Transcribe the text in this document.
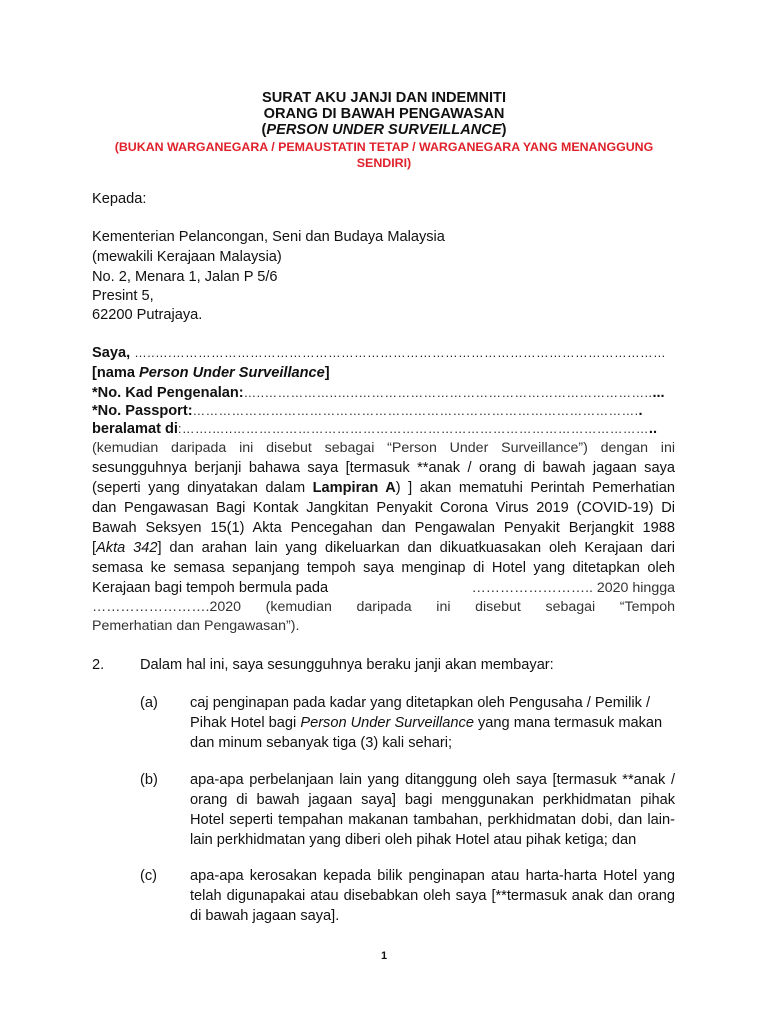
SURAT AKU JANJI DAN INDEMNITI
ORANG DI BAWAH PENGAWASAN
(PERSON UNDER SURVEILLANCE)
(BUKAN WARGANEGARA / PEMAUSTATIN TETAP / WARGANEGARA YANG MENANGGUNG
SENDIRI)
Kepada:
Kementerian Pelancongan, Seni dan Budaya Malaysia
(mewakili Kerajaan Malaysia)
No. 2, Menara 1, Jalan P 5/6
Presint 5,
62200 Putrajaya.
Saya, …..….……………………………………………………………………………………………………
[nama Person Under Surveillance]
*No. Kad Pengenalan:…..……………..…..………………………………………………………….....
*No. Passport:…………………………………………………………………………………………..
beralamat di:…….…..……………………………………………………………………………………..
(kemudian daripada ini disebut sebagai “Person Under Surveillance”) dengan ini
sesungguhnya berjanji bahawa saya [termasuk **anak / orang di bawah jagaan saya
(seperti yang dinyatakan dalam Lampiran A) ] akan mematuhi Perintah Pemerhatian
dan Pengawasan Bagi Kontak Jangkitan Penyakit Corona Virus 2019 (COVID-19) Di
Bawah Seksyen 15(1) Akta Pencegahan dan Pengawalan Penyakit Berjangkit 1988
[Akta 342] dan arahan lain yang dikeluarkan dan dikuatkuasakan oleh Kerajaan dari
semasa ke semasa sepanjang tempoh saya menginap di Hotel yang ditetapkan oleh
Kerajaan bagi tempoh bermula pada	…………………….. 2020 hingga
…………………….2020 (kemudian daripada ini disebut sebagai “Tempoh
Pemerhatian dan Pengawasan”).
2. Dalam hal ini, saya sesungguhnya beraku janji akan membayar:
(a) caj penginapan pada kadar yang ditetapkan oleh Pengusaha / Pemilik /
Pihak Hotel bagi Person Under Surveillance yang mana termasuk makan
dan minum sebanyak tiga (3) kali sehari;
(b) apa-apa perbelanjaan lain yang ditanggung oleh saya [termasuk **anak /
orang di bawah jagaan saya] bagi menggunakan perkhidmatan pihak
Hotel seperti tempahan makanan tambahan, perkhidmatan dobi, dan lain-
lain perkhidmatan yang diberi oleh pihak Hotel atau pihak ketiga; dan
(c) apa-apa kerosakan kepada bilik penginapan atau harta-harta Hotel yang
telah digunapakai atau disebabkan oleh saya [**termasuk anak dan orang
di bawah jagaan saya].
1
